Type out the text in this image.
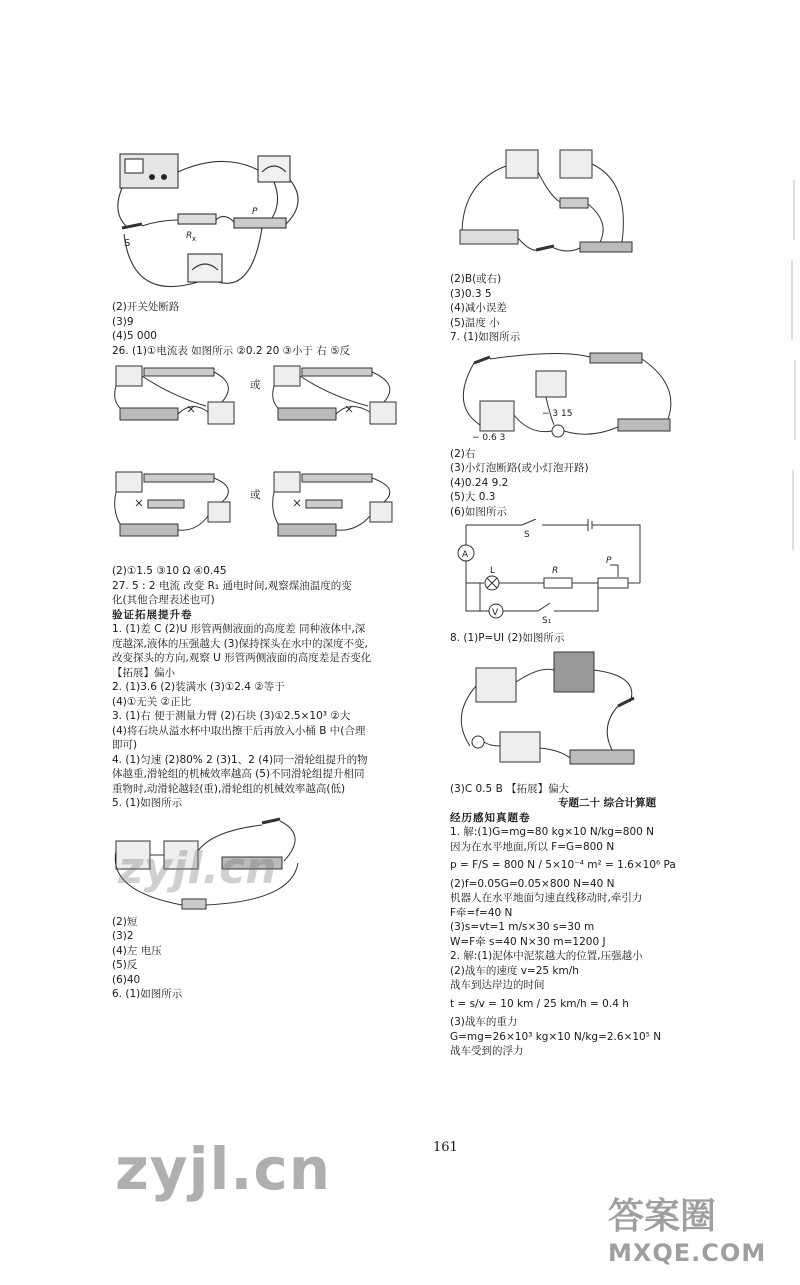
S
R x
P
(2)开关处断路
(3)9
(4)5 000
26. (1)①电流表 如图所示 ②0.2 20 ③小于 右 ⑤反
或
或
(2)①1.5 ③10 Ω ④0.45
27. 5 : 2 电流 改变 R₁ 通电时间,观察煤油温度的变
化(其他合理表述也可)
验证拓展提升卷
1. (1)差 C (2)U 形管两侧液面的高度差 同种液体中,深
度越深,液体的压强越大 (3)保持探头在水中的深度不变,
改变探头的方向,观察 U 形管两侧液面的高度差是否变化
【拓展】偏小
2. (1)3.6 (2)装满水 (3)①2.4 ②等于
(4)①无关 ②正比
3. (1)右 便于测量力臂 (2)石块 (3)①2.5×10³ ②大
(4)将石块从溢水杯中取出擦干后再放入小桶 B 中(合理
即可)
4. (1)匀速 (2)80% 2 (3)1、2 (4)同一滑轮组提升的物
体越重,滑轮组的机械效率越高 (5)不同滑轮组提升相同
重物时,动滑轮越轻(重),滑轮组的机械效率越高(低)
5. (1)如图所示
(2)短
(3)2
(4)左 电压
(5)反
(6)40
6. (1)如图所示
(2)B(或右)
(3)0.3 5
(4)减小误差
(5)温度 小
7. (1)如图所示
− 3 15
− 0.6 3
(2)右
(3)小灯泡断路(或小灯泡开路)
(4)0.24 9.2
(5)大 0.3
(6)如图所示
S
A
L	R
P
V
S₁
8. (1)P=UI (2)如图所示
(3)C 0.5 B 【拓展】偏大
专题二十 综合计算题
经历感知真题卷
1. 解:(1)G=mg=80 kg×10 N/kg=800 N
因为在水平地面,所以 F=G=800 N
p = F/S = 800 N / 5×10⁻⁴ m² = 1.6×10⁶ Pa
(2)f=0.05G=0.05×800 N=40 N
机器人在水平地面匀速直线移动时,牵引力
F牵=f=40 N
(3)s=vt=1 m/s×30 s=30 m
W=F牵 s=40 N×30 m=1200 J
2. 解:(1)泥体中泥浆越大的位置,压强越小
(2)战车的速度 v=25 km/h
战车到达岸边的时间
t = s/v = 10 km / 25 km/h = 0.4 h
(3)战车的重力
G=mg=26×10³ kg×10 N/kg=2.6×10⁵ N
战车受到的浮力
161
zyjl.cn
zyjl.cn
答案圈
MXQE.COM
